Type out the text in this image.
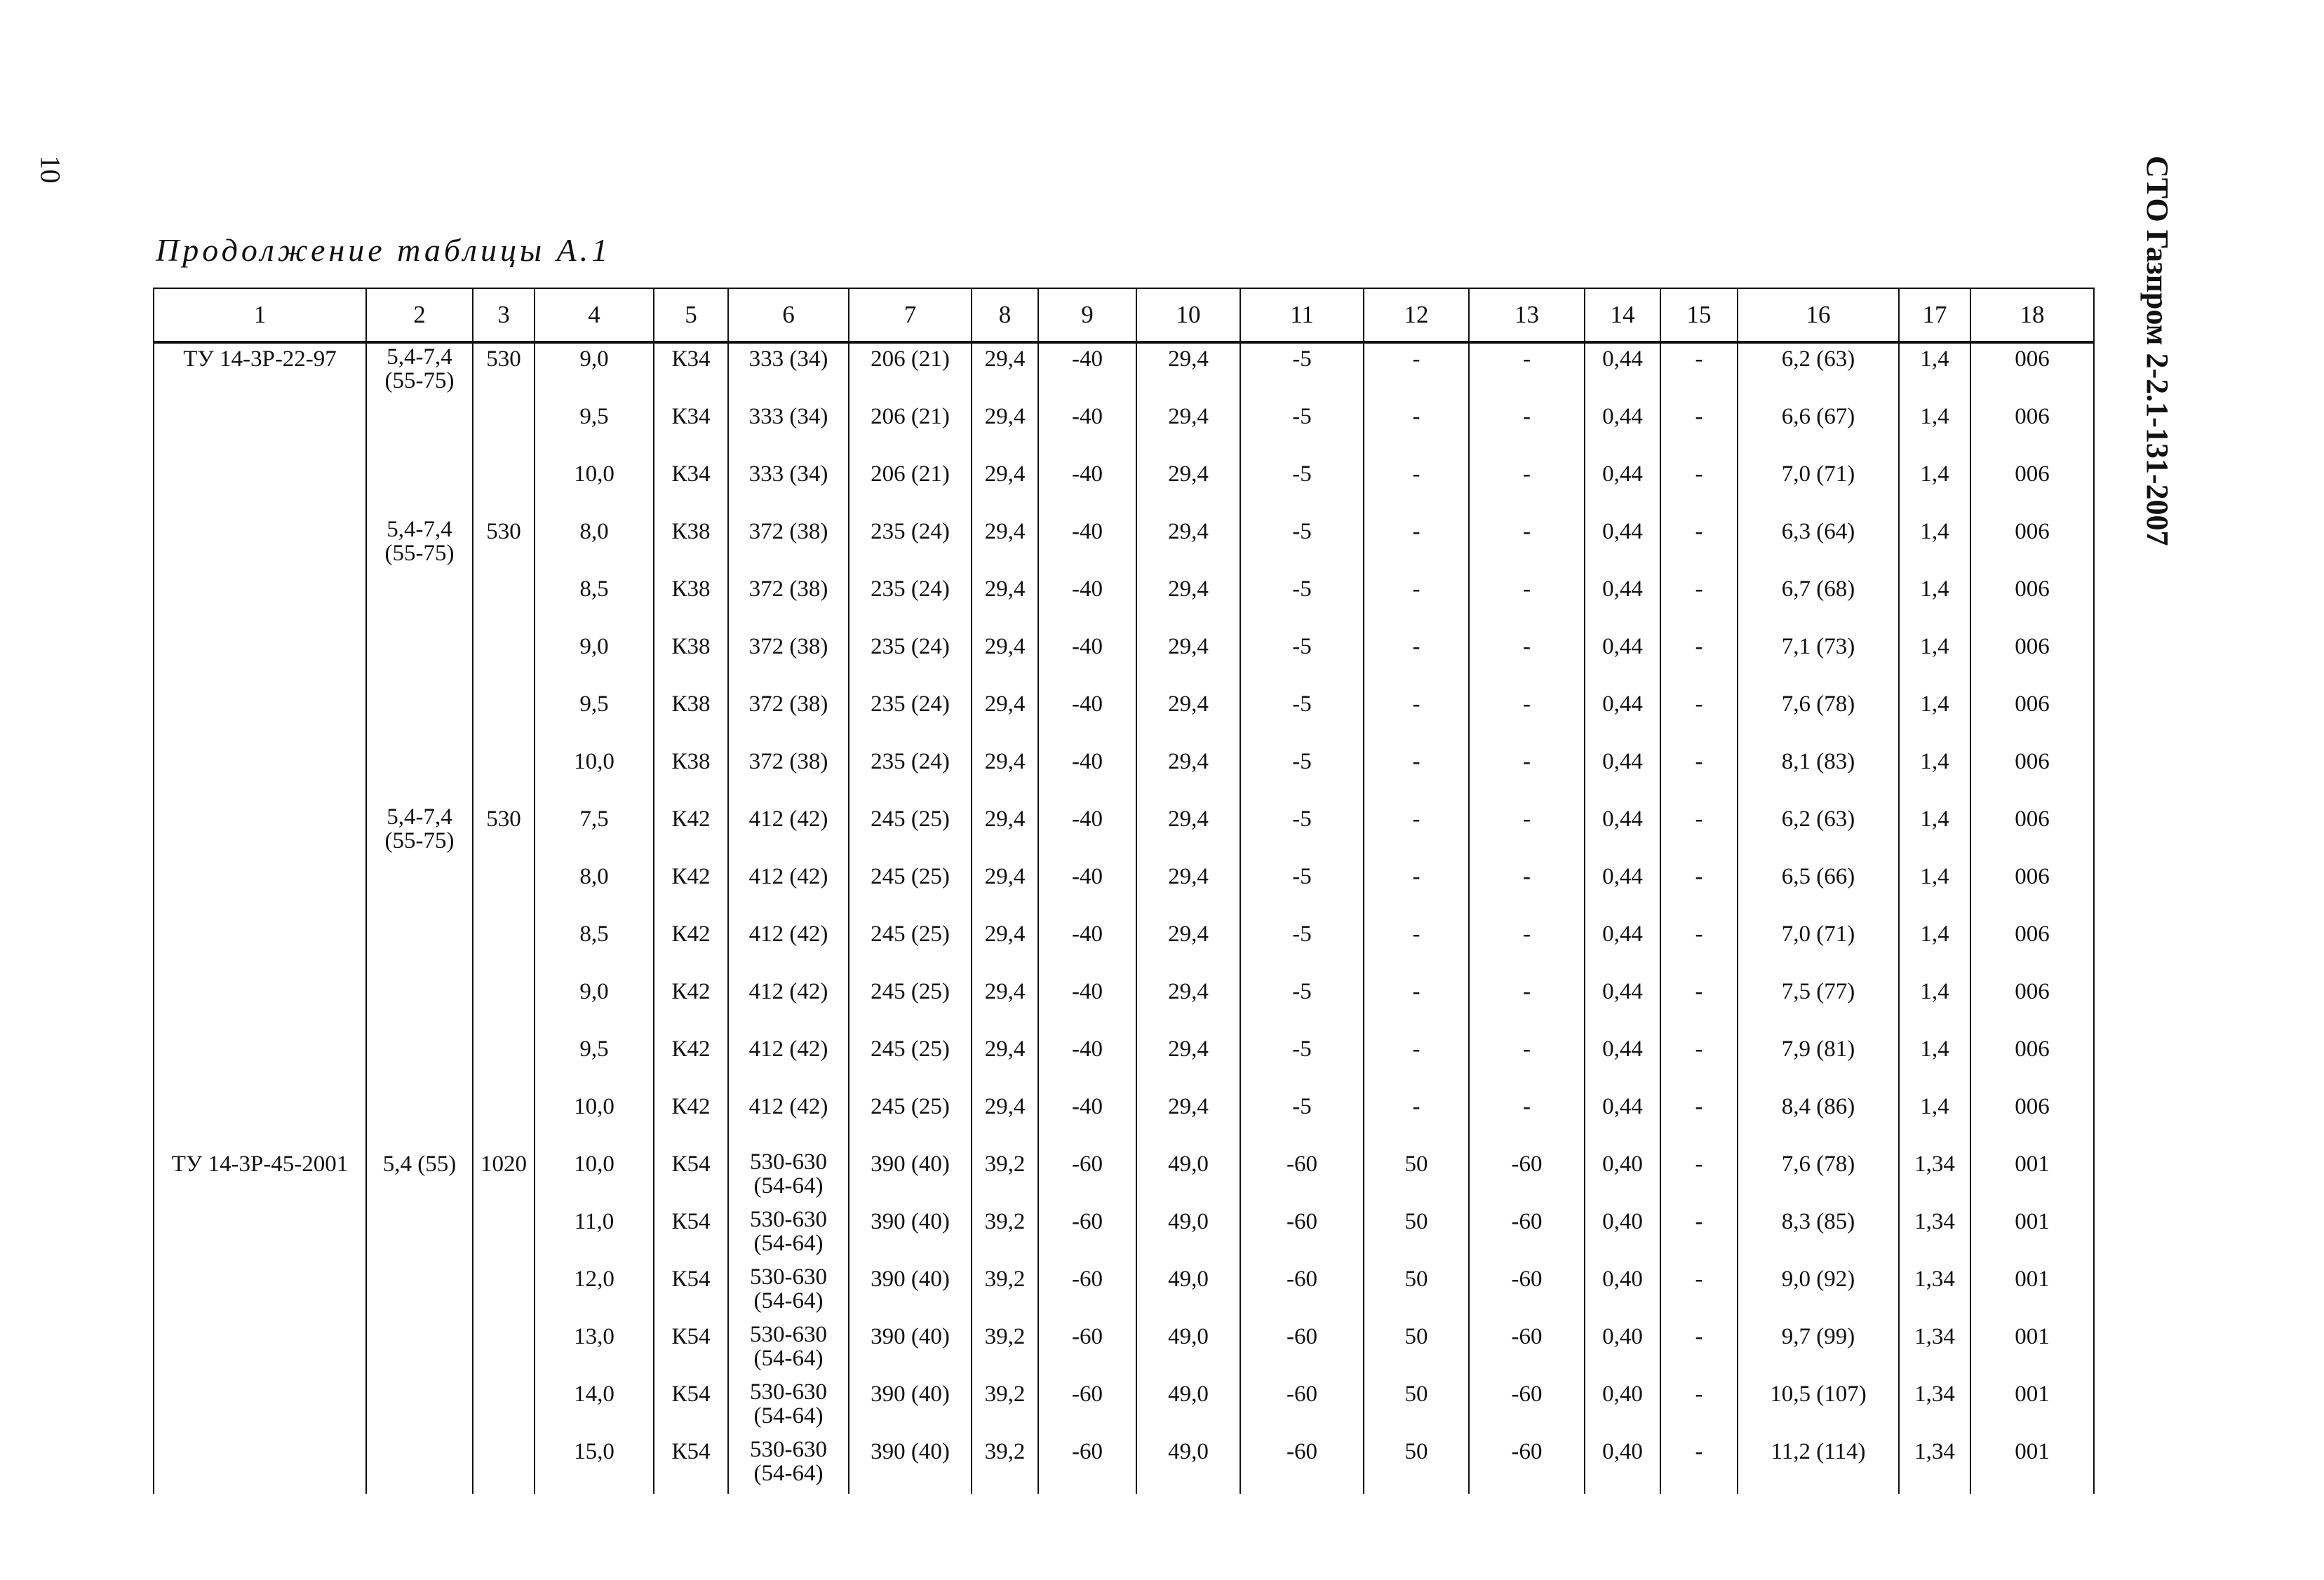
10	СТО Газпром 2-2.1-131-2007
Продолжение таблицы А.1
1	2	3	4	5	6	7	8	9	10	11	12	13	14	15	16	17	18

ТУ 14-3Р-22-97	5,4-7,4
(55-75)	530	9,0	К34	333 (34)	206 (21)	29,4	-40	29,4	-5	-	-	0,44	-	6,2 (63)	1,4	006

			9,5	К34	333 (34)	206 (21)	29,4	-40	29,4	-5	-	-	0,44	-	6,6 (67)	1,4	006

			10,0	К34	333 (34)	206 (21)	29,4	-40	29,4	-5	-	-	0,44	-	7,0 (71)	1,4	006

	5,4-7,4
(55-75)	530	8,0	К38	372 (38)	235 (24)	29,4	-40	29,4	-5	-	-	0,44	-	6,3 (64)	1,4	006

			8,5	К38	372 (38)	235 (24)	29,4	-40	29,4	-5	-	-	0,44	-	6,7 (68)	1,4	006

			9,0	К38	372 (38)	235 (24)	29,4	-40	29,4	-5	-	-	0,44	-	7,1 (73)	1,4	006

			9,5	К38	372 (38)	235 (24)	29,4	-40	29,4	-5	-	-	0,44	-	7,6 (78)	1,4	006

			10,0	К38	372 (38)	235 (24)	29,4	-40	29,4	-5	-	-	0,44	-	8,1 (83)	1,4	006

	5,4-7,4
(55-75)	530	7,5	К42	412 (42)	245 (25)	29,4	-40	29,4	-5	-	-	0,44	-	6,2 (63)	1,4	006

			8,0	К42	412 (42)	245 (25)	29,4	-40	29,4	-5	-	-	0,44	-	6,5 (66)	1,4	006

			8,5	К42	412 (42)	245 (25)	29,4	-40	29,4	-5	-	-	0,44	-	7,0 (71)	1,4	006

			9,0	К42	412 (42)	245 (25)	29,4	-40	29,4	-5	-	-	0,44	-	7,5 (77)	1,4	006

			9,5	К42	412 (42)	245 (25)	29,4	-40	29,4	-5	-	-	0,44	-	7,9 (81)	1,4	006

			10,0	К42	412 (42)	245 (25)	29,4	-40	29,4	-5	-	-	0,44	-	8,4 (86)	1,4	006

ТУ 14-3Р-45-2001	5,4 (55)	1020	10,0	К54	530-630
(54-64)	390 (40)	39,2	-60	49,0	-60	50	-60	0,40	-	7,6 (78)	1,34	001

			11,0	К54	530-630
(54-64)	390 (40)	39,2	-60	49,0	-60	50	-60	0,40	-	8,3 (85)	1,34	001

			12,0	К54	530-630
(54-64)	390 (40)	39,2	-60	49,0	-60	50	-60	0,40	-	9,0 (92)	1,34	001

			13,0	К54	530-630
(54-64)	390 (40)	39,2	-60	49,0	-60	50	-60	0,40	-	9,7 (99)	1,34	001

			14,0	К54	530-630
(54-64)	390 (40)	39,2	-60	49,0	-60	50	-60	0,40	-	10,5 (107)	1,34	001

			15,0	К54	530-630
(54-64)	390 (40)	39,2	-60	49,0	-60	50	-60	0,40	-	11,2 (114)	1,34	001
